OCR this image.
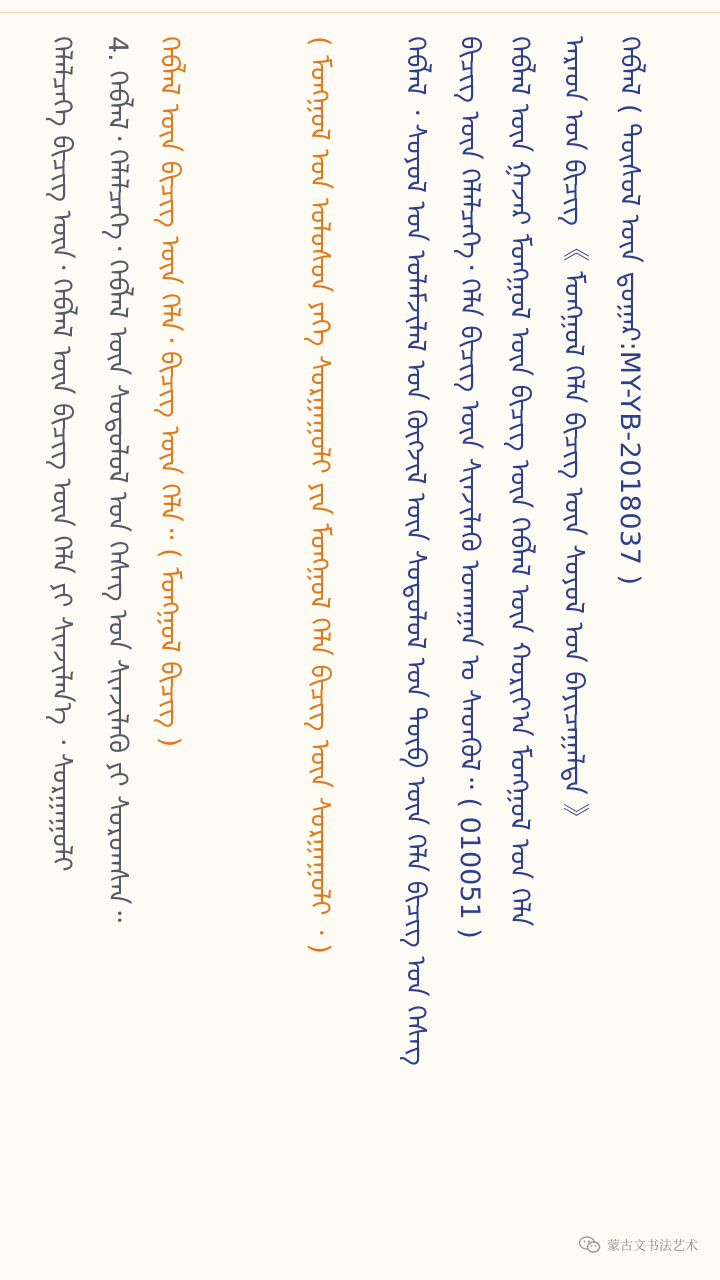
ᠬᠡᠪᠯᠡᠯ ( ᠲᠦᠰᠦᠯ ᠦᠨ ᠳ᠋ᠤᠭᠠᠷ:MY-YB-2018037 )
ᠠᠷᠠᠳ ᠤᠨ ᠪᠢᠴᠢᠭ 《 ᠮᠣᠩᠭᠤᠯ ᠬᠡᠯᠡ ᠪᠢᠴᠢᠭ ᠦᠨ ᠰᠣᠶᠣᠯ ᠤᠨ ᠪᠠᠶᠢᠴᠠᠭᠠᠯᠲᠠ 》
ᠬᠡᠪᠯᠡᠯ ᠦᠨ ᠭᠠᠵᠠᠷ ᠮᠣᠩᠭᠤᠯ ᠦᠨ ᠪᠢᠴᠢᠭ ᠦᠨ ᠬᠡᠪᠯᠡᠯ ᠦᠨ ᠬᠣᠷᠢᠶ᠎ᠠ ᠮᠣᠩᠭᠤᠯ ᠤᠨ ᠬᠡᠯᠡ
ᠪᠢᠴᠢᠭ ᠦᠨ ᠬᠡᠯᠡᠯᠴᠡᠭᠡ᠂ ᠬᠡᠯᠡ ᠪᠢᠴᠢᠭ ᠦᠨ ᠰᠢᠨᠵᠢᠯᠡᠬᠦ ᠤᠬᠠᠭᠠᠨ ᠤ ᠰᠡᠳᠭᠦᠯ᠃ ( 010051 )
ᠬᠡᠪᠯᠡᠯ ᠂ ᠰᠣᠶᠣᠯ ᠤᠨ ᠤᠯᠠᠮᠵᠢᠯᠠᠯ ᠤᠨ ᠬᠥᠭᠵᠢᠯ ᠦᠨ ᠰᠤᠳᠤᠯᠤᠯ ᠤᠨ ᠲᠥᠪ ᠦᠨ ᠬᠡᠯᠡ ᠪᠢᠴᠢᠭ ᠤᠨ ᠬᠡᠰᠡᠭ
( ᠮᠣᠩᠭᠤᠯ ᠤᠨ ᠤᠯᠤᠰᠤᠨ ᠶᠡᠬᠡ ᠰᠤᠷᠭᠠᠭᠤᠯᠢ ᠶᠢᠨ ᠮᠣᠩᠭᠤᠯ ᠬᠡᠯᠡ ᠪᠢᠴᠢᠭ ᠦᠨ ᠰᠤᠷᠭᠠᠭᠤᠯᠢ ᠂ )
ᠬᠡᠪᠯᠡᠯ ᠦᠨ ᠪᠢᠴᠢᠭ ᠦᠨ ᠬᠡᠯᠡ᠂ ᠪᠢᠴᠢᠭ ᠦᠨ ᠬᠡᠯᠡ᠃ ( ᠮᠣᠩᠭᠤᠯ ᠪᠢᠴᠢᠭ )
4. ᠬᠡᠪᠯᠡᠯ᠂ ᠬᠡᠯᠡᠯᠴᠡᠭᠡ᠂ ᠬᠡᠪᠯᠡᠯ ᠦᠨ ᠰᠤᠳᠤᠯᠤᠯ ᠤᠨ ᠬᠡᠰᠡᠭ ᠤᠨ ᠰᠢᠨᠵᠢᠯᠡᠬᠦ ᠶᠢ ᠰᠤᠷᠤᠭᠰᠠᠨ᠃
ᠬᠡᠯᠡᠯᠴᠡᠭᠡ ᠪᠢᠴᠢᠭ ᠦᠨ᠂ ᠬᠡᠪᠯᠡᠯ ᠦᠨ ᠪᠢᠴᠢᠭ ᠦᠨ ᠬᠡᠯᠡ ᠶᠢ ᠰᠢᠨᠵᠢᠯᠡᠨ᠎ᠡ ᠂ ᠰᠤᠷᠭᠠᠭᠤᠯᠢ
蒙古文书法艺术
